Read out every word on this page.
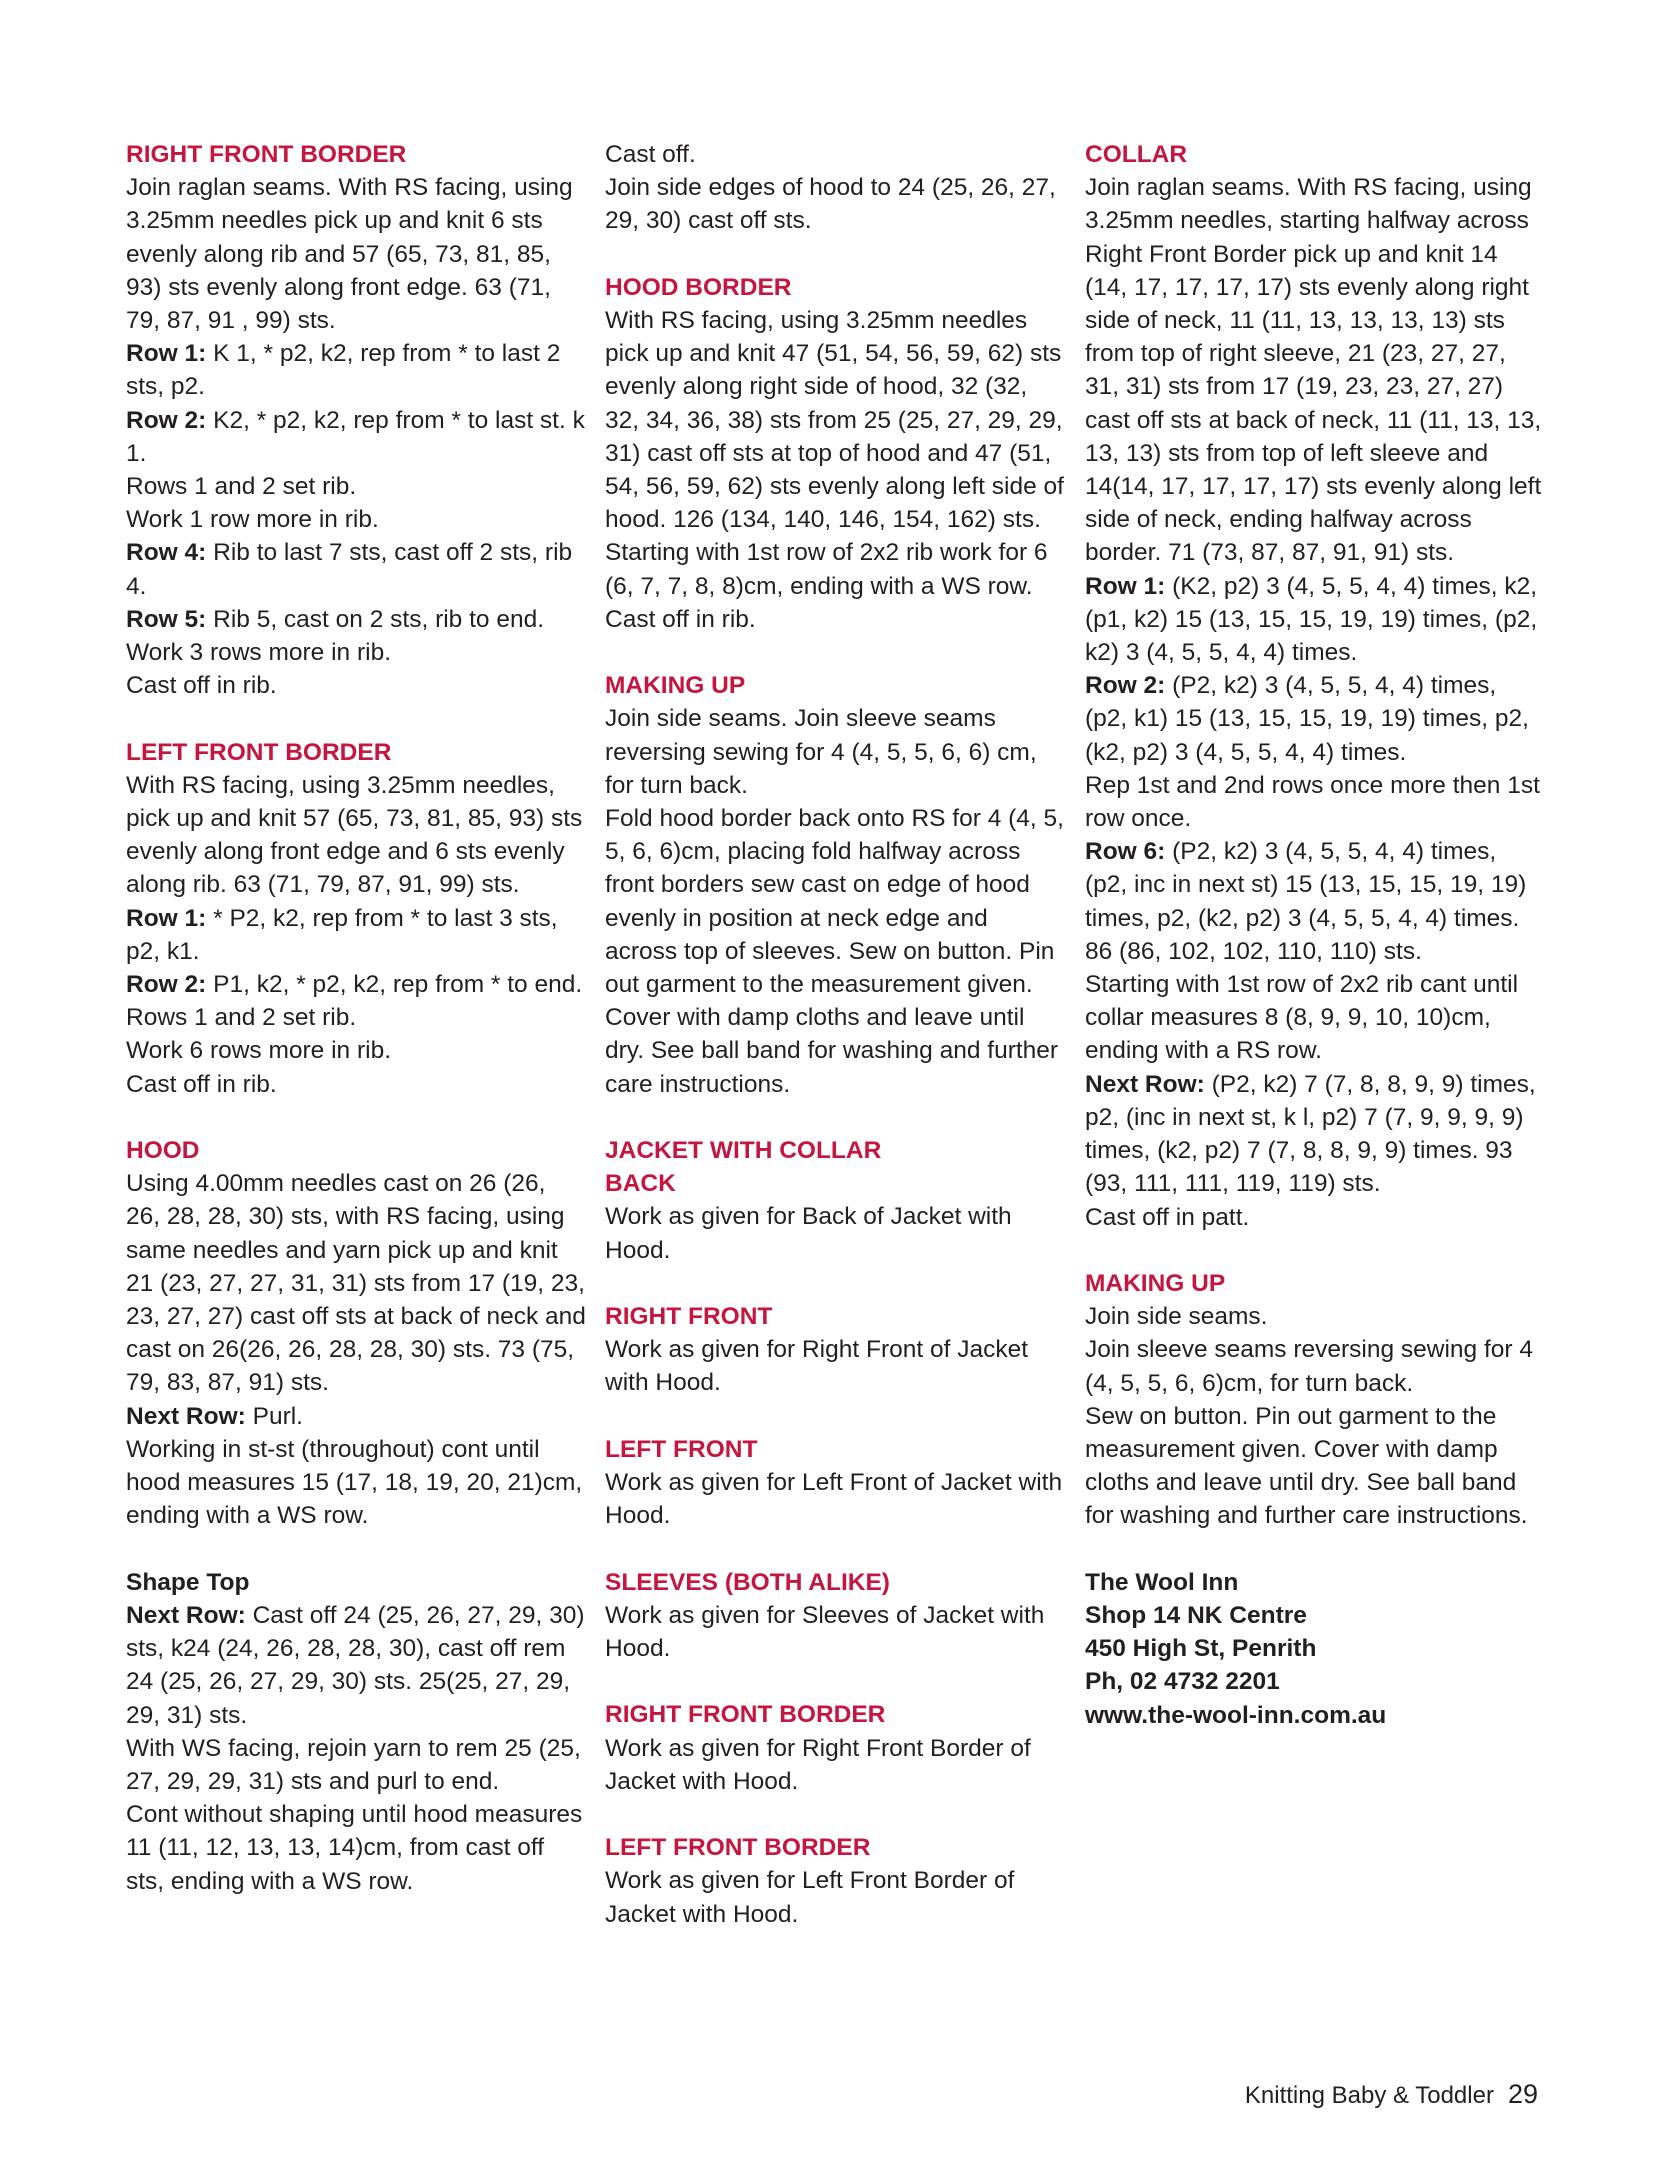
RIGHT FRONT BORDER

Join raglan seams. With RS facing, using 3.25mm needles pick up and knit 6 sts evenly along rib and 57 (65, 73, 81, 85, 93) sts evenly along front edge. 63 (71, 79, 87, 91 , 99) sts.

Row 1: K 1, * p2, k2, rep from * to last 2 sts, p2.

Row 2: K2, * p2, k2, rep from * to last st. k 1.

Rows 1 and 2 set rib.

Work 1 row more in rib.

Row 4: Rib to last 7 sts, cast off 2 sts, rib 4.

Row 5: Rib 5, cast on 2 sts, rib to end.

Work 3 rows more in rib.

Cast off in rib.

LEFT FRONT BORDER

With RS facing, using 3.25mm needles, pick up and knit 57 (65, 73, 81, 85, 93) sts evenly along front edge and 6 sts evenly along rib. 63 (71, 79, 87, 91, 99) sts.

Row 1: * P2, k2, rep from * to last 3 sts, p2, k1.

Row 2: P1, k2, * p2, k2, rep from * to end.

Rows 1 and 2 set rib.

Work 6 rows more in rib.

Cast off in rib.

HOOD

Using 4.00mm needles cast on 26 (26, 26, 28, 28, 30) sts, with RS facing, using same needles and yarn pick up and knit 21 (23, 27, 27, 31, 31) sts from 17 (19, 23, 23, 27, 27) cast off sts at back of neck and cast on 26(26, 26, 28, 28, 30) sts. 73 (75, 79, 83, 87, 91) sts.

Next Row: Purl.

Working in st-st (throughout) cont until hood measures 15 (17, 18, 19, 20, 21)cm, ending with a WS row.

Shape Top

Next Row: Cast off 24 (25, 26, 27, 29, 30) sts, k24 (24, 26, 28, 28, 30), cast off rem 24 (25, 26, 27, 29, 30) sts. 25(25, 27, 29, 29, 31) sts.

With WS facing, rejoin yarn to rem 25 (25, 27, 29, 29, 31) sts and purl to end.

Cont without shaping until hood measures 11 (11, 12, 13, 13, 14)cm, from cast off sts, ending with a WS row.

Cast off.

Join side edges of hood to 24 (25, 26, 27, 29, 30) cast off sts.

HOOD BORDER

With RS facing, using 3.25mm needles pick up and knit 47 (51, 54, 56, 59, 62) sts evenly along right side of hood, 32 (32, 32, 34, 36, 38) sts from 25 (25, 27, 29, 29, 31) cast off sts at top of hood and 47 (51, 54, 56, 59, 62) sts evenly along left side of hood. 126 (134, 140, 146, 154, 162) sts.

Starting with 1st row of 2x2 rib work for 6 (6, 7, 7, 8, 8)cm, ending with a WS row. Cast off in rib.

MAKING UP

Join side seams. Join sleeve seams reversing sewing for 4 (4, 5, 5, 6, 6) cm, for turn back.

Fold hood border back onto RS for 4 (4, 5, 5, 6, 6)cm, placing fold halfway across front borders sew cast on edge of hood evenly in position at neck edge and across top of sleeves. Sew on button. Pin out garment to the measurement given. Cover with damp cloths and leave until dry. See ball band for washing and further care instructions.

JACKET WITH COLLAR

BACK

Work as given for Back of Jacket with Hood.

RIGHT FRONT

Work as given for Right Front of Jacket with Hood.

LEFT FRONT

Work as given for Left Front of Jacket with Hood.

SLEEVES (BOTH ALIKE)

Work as given for Sleeves of Jacket with Hood.

RIGHT FRONT BORDER

Work as given for Right Front Border of Jacket with Hood.

LEFT FRONT BORDER

Work as given for Left Front Border of Jacket with Hood.

COLLAR

Join raglan seams. With RS facing, using 3.25mm needles, starting halfway across Right Front Border pick up and knit 14 (14, 17, 17, 17, 17) sts evenly along right side of neck, 11 (11, 13, 13, 13, 13) sts from top of right sleeve, 21 (23, 27, 27, 31, 31) sts from 17 (19, 23, 23, 27, 27) cast off sts at back of neck, 11 (11, 13, 13, 13, 13) sts from top of left sleeve and 14(14, 17, 17, 17, 17) sts evenly along left side of neck, ending halfway across border. 71 (73, 87, 87, 91, 91) sts.

Row 1: (K2, p2) 3 (4, 5, 5, 4, 4) times, k2, (p1, k2) 15 (13, 15, 15, 19, 19) times, (p2, k2) 3 (4, 5, 5, 4, 4) times.

Row 2: (P2, k2) 3 (4, 5, 5, 4, 4) times, (p2, k1) 15 (13, 15, 15, 19, 19) times, p2, (k2, p2) 3 (4, 5, 5, 4, 4) times.

Rep 1st and 2nd rows once more then 1st row once.

Row 6: (P2, k2) 3 (4, 5, 5, 4, 4) times, (p2, inc in next st) 15 (13, 15, 15, 19, 19) times, p2, (k2, p2) 3 (4, 5, 5, 4, 4) times. 86 (86, 102, 102, 110, 110) sts.

Starting with 1st row of 2x2 rib cant until collar measures 8 (8, 9, 9, 10, 10)cm, ending with a RS row.

Next Row: (P2, k2) 7 (7, 8, 8, 9, 9) times, p2, (inc in next st, k l, p2) 7 (7, 9, 9, 9, 9) times, (k2, p2) 7 (7, 8, 8, 9, 9) times. 93 (93, 111, 111, 119, 119) sts.

Cast off in patt.

MAKING UP

Join side seams.

Join sleeve seams reversing sewing for 4 (4, 5, 5, 6, 6)cm, for turn back.

Sew on button. Pin out garment to the measurement given. Cover with damp cloths and leave until dry. See ball band for washing and further care instructions.

The Wool Inn

Shop 14 NK Centre

450 High St, Penrith

Ph, 02 4732 2201

www.the-wool-inn.com.au

Knitting Baby & Toddler 29
